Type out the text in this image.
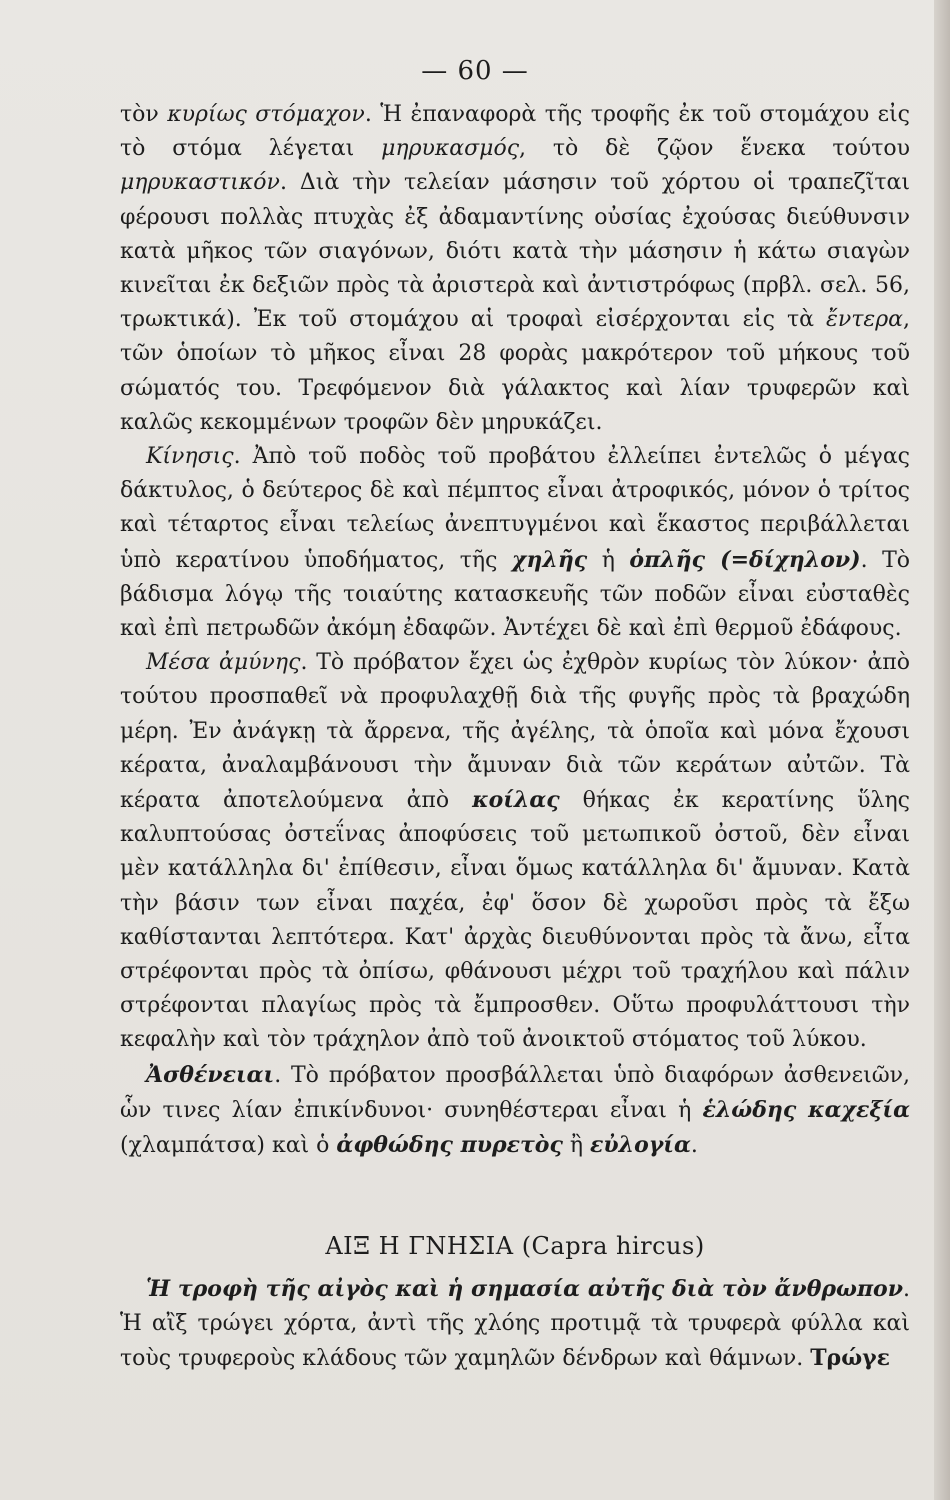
— 60 —

τὸν κυρίως στόμαχον. Ἡ ἐπαναφορὰ τῆς τροφῆς ἐκ τοῦ στομάχου εἰς τὸ στόμα λέγεται μηρυκασμός, τὸ δὲ ζῷον ἕνεκα τούτου μηρυκαστικόν. Διὰ τὴν τελείαν μάσησιν τοῦ χόρτου οἱ τραπεζῖται φέρουσι πολλὰς πτυχὰς ἐξ ἀδαμαντίνης οὐσίας ἐχούσας διεύθυνσιν κατὰ μῆκος τῶν σιαγόνων, διότι κατὰ τὴν μάσησιν ἡ κάτω σιαγὼν κινεῖται ἐκ δεξιῶν πρὸς τὰ ἀριστερὰ καὶ ἀντιστρόφως (πρβλ. σελ. 56, τρωκτικά). Ἐκ τοῦ στομάχου αἱ τροφαὶ εἰσέρχονται εἰς τὰ ἔντερα, τῶν ὁποίων τὸ μῆκος εἶναι 28 φορὰς μακρότερον τοῦ μήκους τοῦ σώματός του. Τρεφόμενον διὰ γάλακτος καὶ λίαν τρυφερῶν καὶ καλῶς κεκομμένων τροφῶν δὲν μηρυκάζει.

Κίνησις. Ἀπὸ τοῦ ποδὸς τοῦ προβάτου ἐλλείπει ἐντελῶς ὁ μέγας δάκτυλος, ὁ δεύτερος δὲ καὶ πέμπτος εἶναι ἀτροφικός, μόνον ὁ τρίτος καὶ τέταρτος εἶναι τελείως ἀνεπτυγμένοι καὶ ἕκαστος περιβάλλεται ὑπὸ κερατίνου ὑποδήματος, τῆς χηλῆς ἡ ὁπλῆς (=δίχηλον). Τὸ βάδισμα λόγῳ τῆς τοιαύτης κατασκευῆς τῶν ποδῶν εἶναι εὐσταθὲς καὶ ἐπὶ πετρωδῶν ἀκόμη ἐδαφῶν. Ἀντέχει δὲ καὶ ἐπὶ θερμοῦ ἐδάφους.

Μέσα ἀμύνης. Τὸ πρόβατον ἔχει ὡς ἐχθρὸν κυρίως τὸν λύκον· ἀπὸ τούτου προσπαθεῖ νὰ προφυλαχθῇ διὰ τῆς φυγῆς πρὸς τὰ βραχώδη μέρη. Ἐν ἀνάγκῃ τὰ ἄρρενα, τῆς ἀγέλης, τὰ ὁποῖα καὶ μόνα ἔχουσι κέρατα, ἀναλαμβάνουσι τὴν ἄμυναν διὰ τῶν κεράτων αὐτῶν. Τὰ κέρατα ἀποτελούμενα ἀπὸ κοίλας θήκας ἐκ κερατίνης ὕλης καλυπτούσας ὀστεΐνας ἀποφύσεις τοῦ μετωπικοῦ ὀστοῦ, δὲν εἶναι μὲν κατάλληλα δι' ἐπίθεσιν, εἶναι ὅμως κατάλληλα δι' ἄμυναν. Κατὰ τὴν βάσιν των εἶναι παχέα, ἐφ' ὅσον δὲ χωροῦσι πρὸς τὰ ἔξω καθίστανται λεπτότερα. Κατ' ἀρχὰς διευθύνονται πρὸς τὰ ἄνω, εἶτα στρέφονται πρὸς τὰ ὀπίσω, φθάνουσι μέχρι τοῦ τραχήλου καὶ πάλιν στρέφονται πλαγίως πρὸς τὰ ἔμπροσθεν. Οὕτω προφυλάττουσι τὴν κεφαλὴν καὶ τὸν τράχηλον ἀπὸ τοῦ ἀνοικτοῦ στόματος τοῦ λύκου.

Ἀσθένειαι. Τὸ πρόβατον προσβάλλεται ὑπὸ διαφόρων ἀσθενειῶν, ὧν τινες λίαν ἐπικίνδυνοι· συνηθέστεραι εἶναι ἡ ἑλώδης καχεξία (χλαμπάτσα) καὶ ὁ ἀφθώδης πυρετὸς ἢ εὐλογία.

ΑΙΞ Η ΓΝΗΣΙΑ (Capra hircus)

Ἡ τροφὴ τῆς αἰγὸς καὶ ἡ σημασία αὐτῆς διὰ τὸν ἄνθρωπον. Ἡ αἲξ τρώγει χόρτα, ἀντὶ τῆς χλόης προτιμᾷ τὰ τρυφερὰ φύλλα καὶ τοὺς τρυφεροὺς κλάδους τῶν χαμηλῶν δένδρων καὶ θάμνων. Τρώγε
